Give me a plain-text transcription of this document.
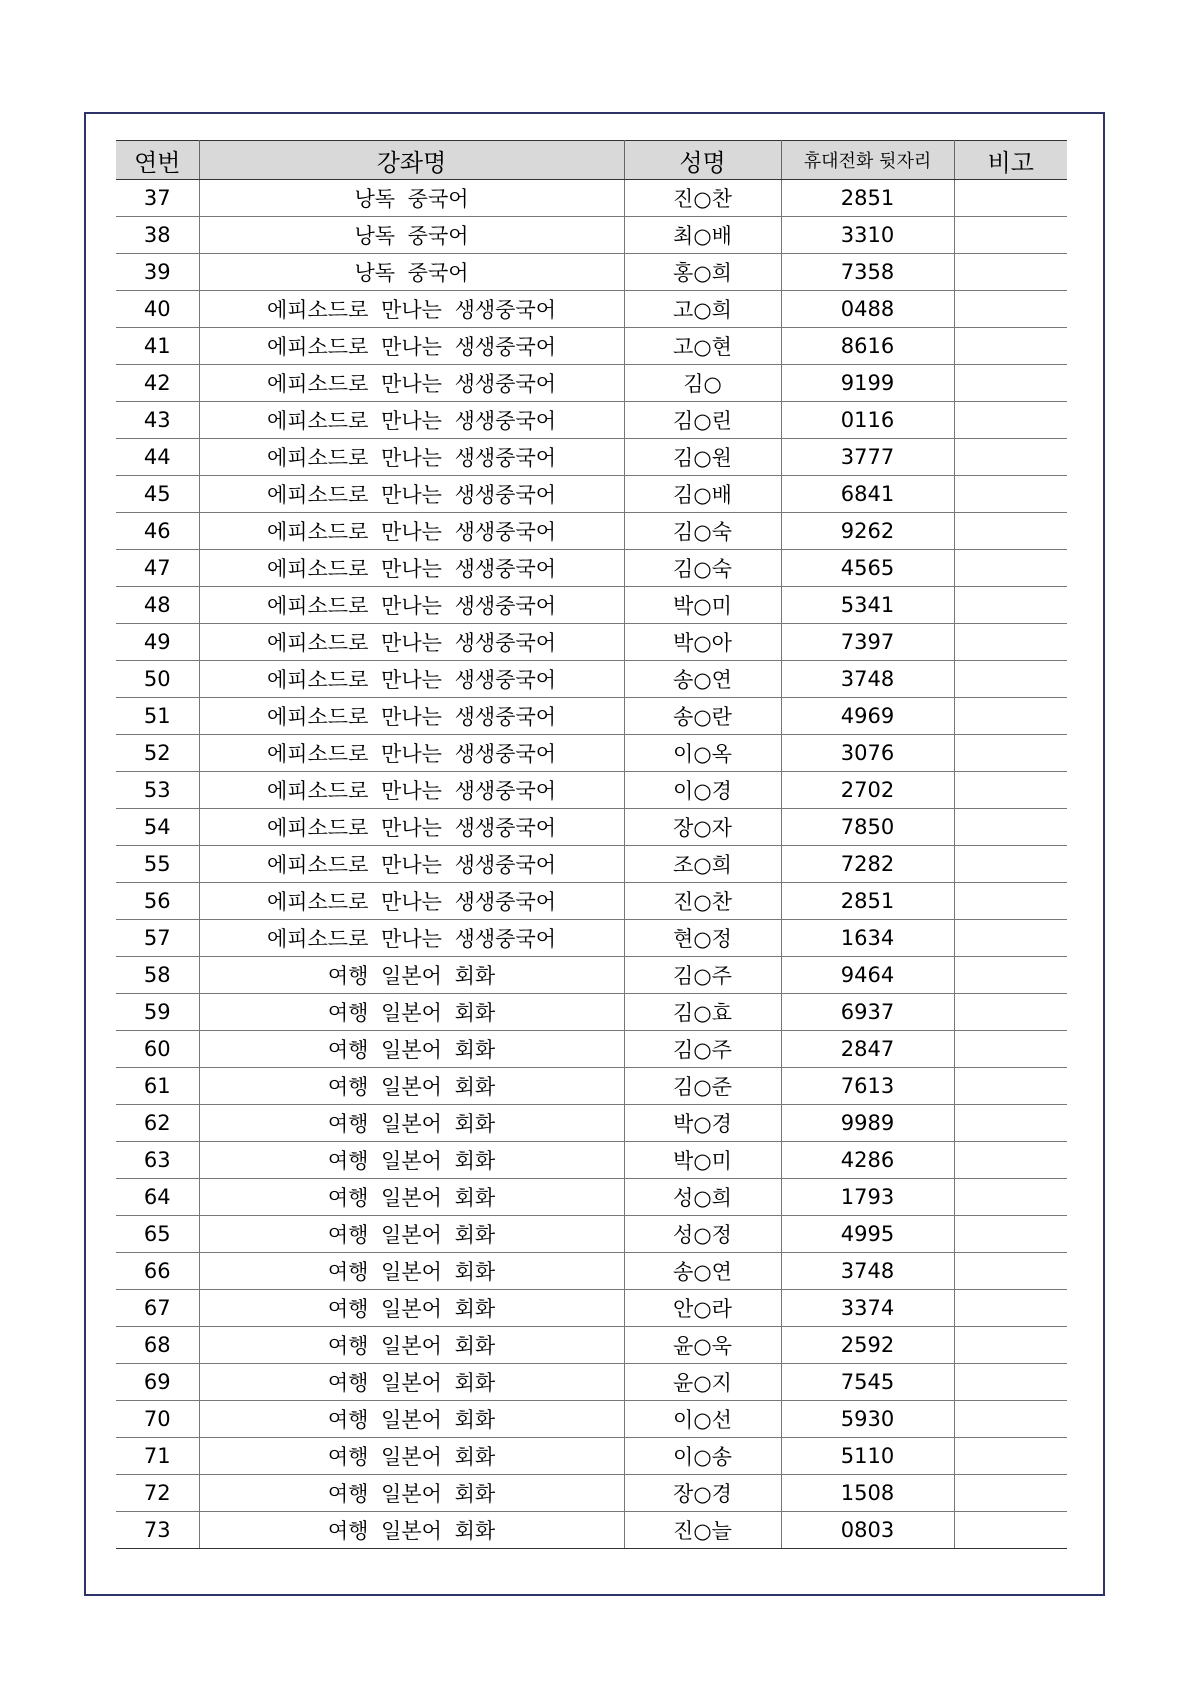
연번	강좌명	성명	휴대전화 뒷자리	비고
37	낭독 중국어	진○찬	2851	
38	낭독 중국어	최○배	3310	
39	낭독 중국어	홍○희	7358	
40	에피소드로 만나는 생생중국어	고○희	0488	
41	에피소드로 만나는 생생중국어	고○현	8616	
42	에피소드로 만나는 생생중국어	김○	9199	
43	에피소드로 만나는 생생중국어	김○린	0116	
44	에피소드로 만나는 생생중국어	김○원	3777	
45	에피소드로 만나는 생생중국어	김○배	6841	
46	에피소드로 만나는 생생중국어	김○숙	9262	
47	에피소드로 만나는 생생중국어	김○숙	4565	
48	에피소드로 만나는 생생중국어	박○미	5341	
49	에피소드로 만나는 생생중국어	박○아	7397	
50	에피소드로 만나는 생생중국어	송○연	3748	
51	에피소드로 만나는 생생중국어	송○란	4969	
52	에피소드로 만나는 생생중국어	이○옥	3076	
53	에피소드로 만나는 생생중국어	이○경	2702	
54	에피소드로 만나는 생생중국어	장○자	7850	
55	에피소드로 만나는 생생중국어	조○희	7282	
56	에피소드로 만나는 생생중국어	진○찬	2851	
57	에피소드로 만나는 생생중국어	현○정	1634	
58	여행 일본어 회화	김○주	9464	
59	여행 일본어 회화	김○효	6937	
60	여행 일본어 회화	김○주	2847	
61	여행 일본어 회화	김○준	7613	
62	여행 일본어 회화	박○경	9989	
63	여행 일본어 회화	박○미	4286	
64	여행 일본어 회화	성○희	1793	
65	여행 일본어 회화	성○정	4995	
66	여행 일본어 회화	송○연	3748	
67	여행 일본어 회화	안○라	3374	
68	여행 일본어 회화	윤○욱	2592	
69	여행 일본어 회화	윤○지	7545	
70	여행 일본어 회화	이○선	5930	
71	여행 일본어 회화	이○송	5110	
72	여행 일본어 회화	장○경	1508	
73	여행 일본어 회화	진○늘	0803	
